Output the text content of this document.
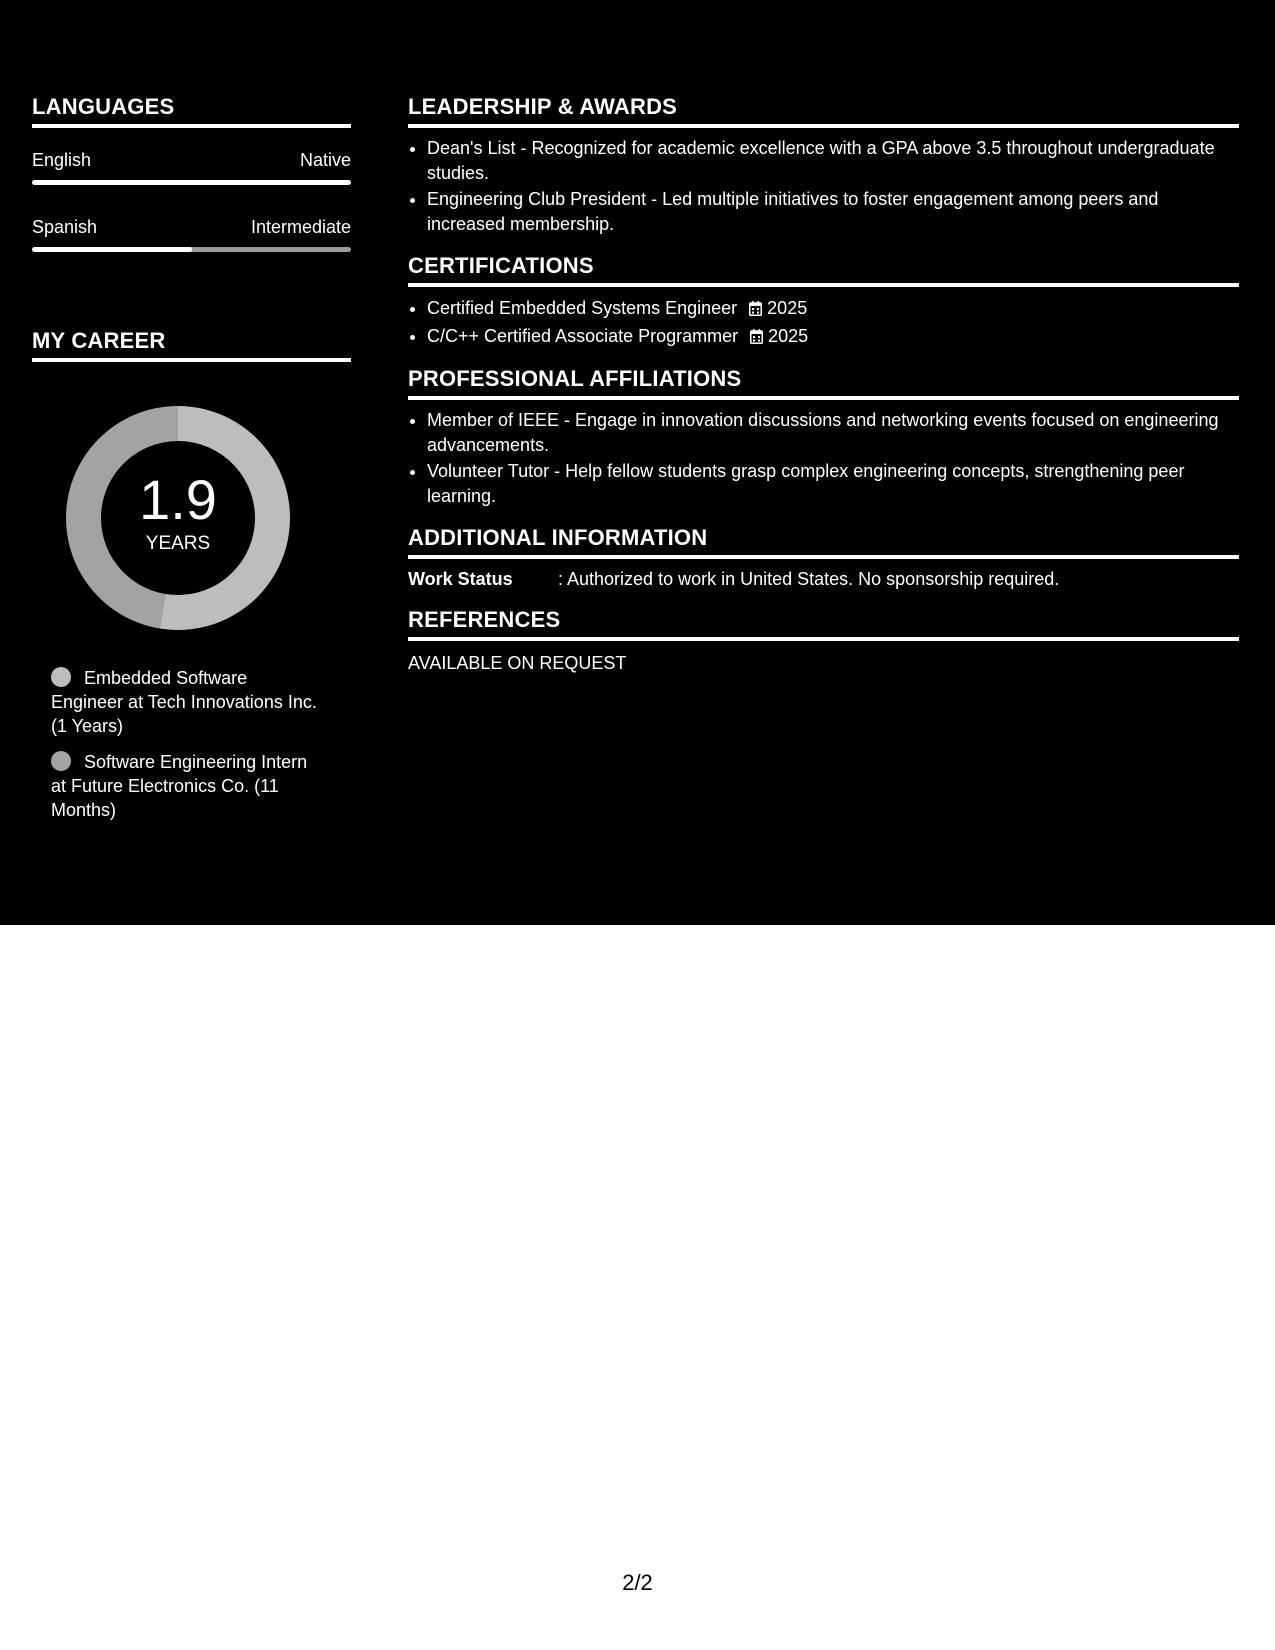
LANGUAGES
English	Native
Spanish	Intermediate
MY CAREER
1.9
YEARS
Embedded Software Engineer at Tech Innovations Inc. (1 Years)
Software Engineering Intern at Future Electronics Co. (11 Months)
LEADERSHIP & AWARDS
• Dean's List - Recognized for academic excellence with a GPA above 3.5 throughout undergraduate studies.
• Engineering Club President - Led multiple initiatives to foster engagement among peers and increased membership.
CERTIFICATIONS
• Certified Embedded Systems Engineer 2025
• C/C++ Certified Associate Programmer 2025
PROFESSIONAL AFFILIATIONS
• Member of IEEE - Engage in innovation discussions and networking events focused on engineering advancements.
• Volunteer Tutor - Help fellow students grasp complex engineering concepts, strengthening peer learning.
ADDITIONAL INFORMATION
Work Status	: Authorized to work in United States. No sponsorship required.
REFERENCES
AVAILABLE ON REQUEST
2/2
